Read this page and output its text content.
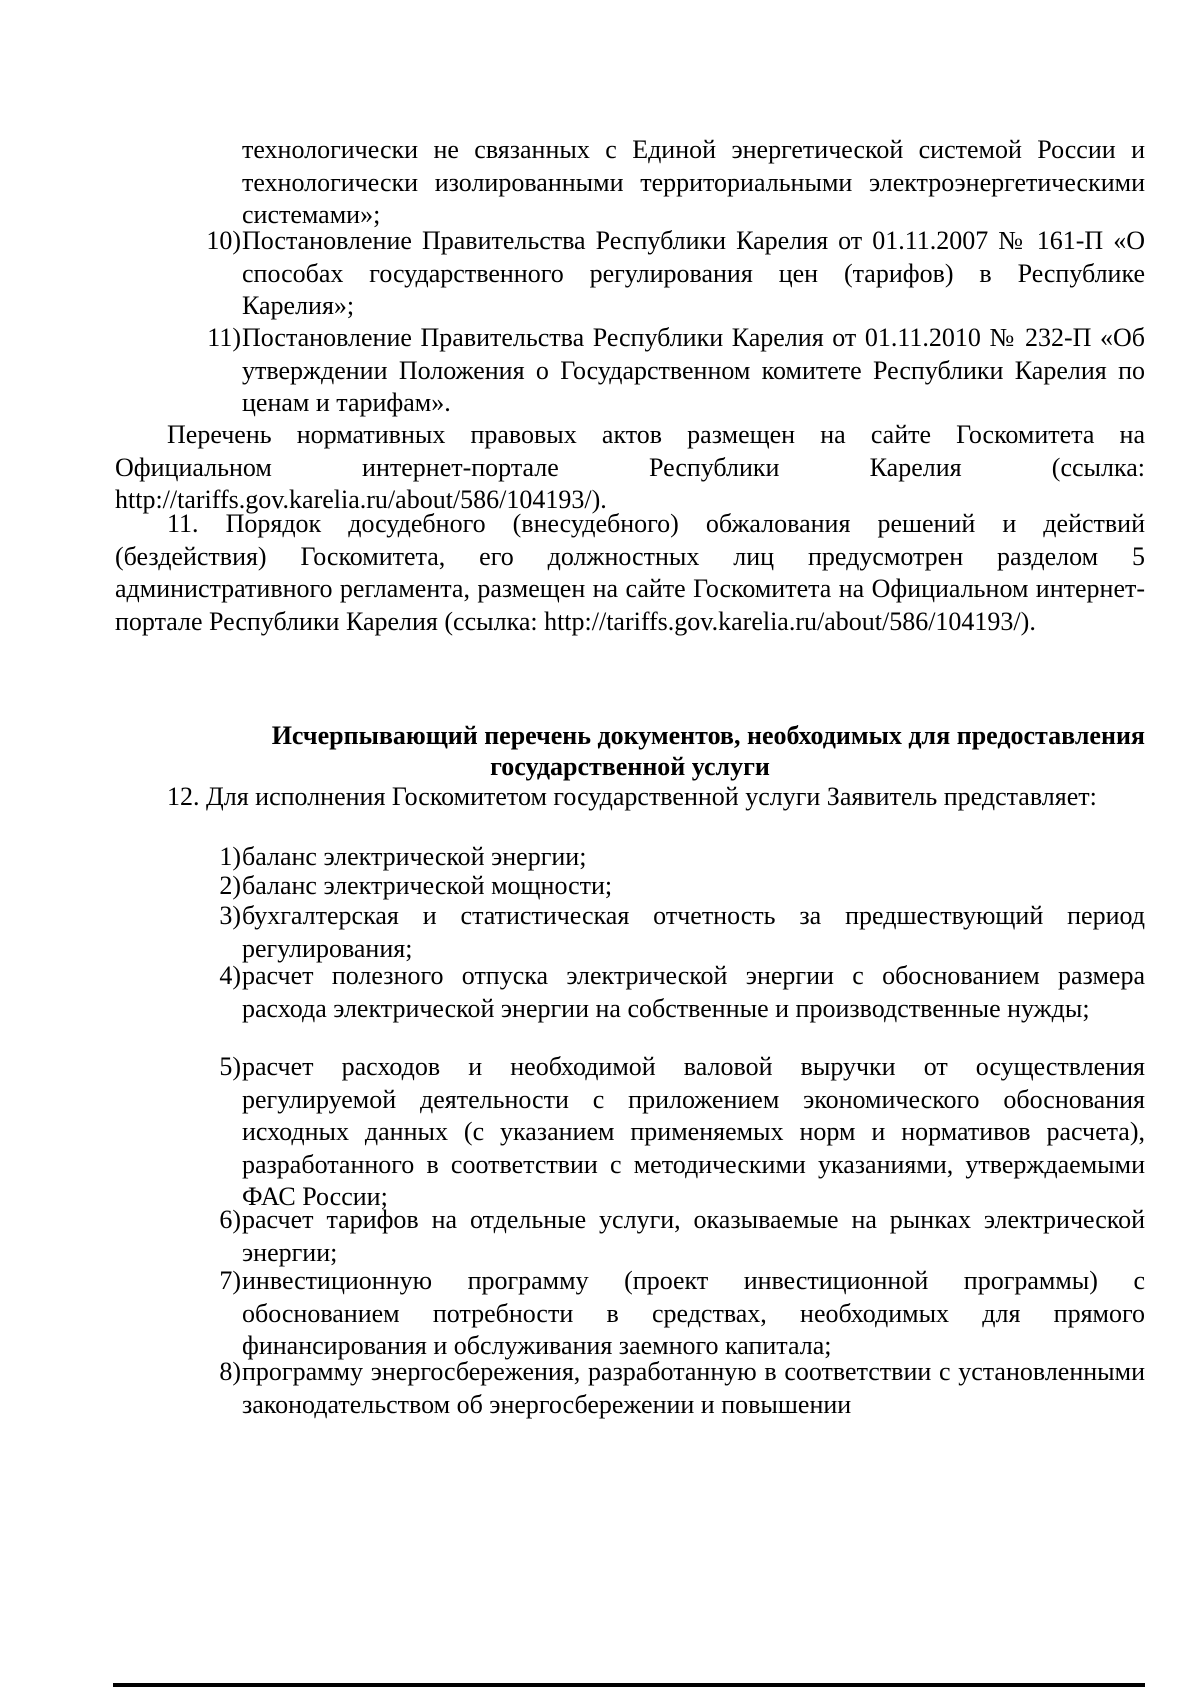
технологически не связанных с Единой энергетической системой России и технологически изолированными территориальными электроэнергетическими системами»;

10) Постановление Правительства Республики Карелия от 01.11.2007 № 161-П «О способах государственного регулирования цен (тарифов) в Республике Карелия»;
11) Постановление Правительства Республики Карелия от 01.11.2010 № 232-П «Об утверждении Положения о Государственном комитете Республики Карелия по ценам и тарифам».

Перечень нормативных правовых актов размещен на сайте Госкомитета на Официальном интернет-портале Республики Карелия (ссылка: http://tariffs.gov.karelia.ru/about/586/104193/).

11. Порядок досудебного (внесудебного) обжалования решений и действий (бездействия) Госкомитета, его должностных лиц предусмотрен разделом 5 административного регламента, размещен на сайте Госкомитета на Официальном интернет-портале Республики Карелия (ссылка: http://tariffs.gov.karelia.ru/about/586/104193/).

Исчерпывающий перечень документов, необходимых для предоставления
государственной услуги

12. Для исполнения Госкомитетом государственной услуги Заявитель представляет:

1) баланс электрической энергии;
2) баланс электрической мощности;
3) бухгалтерская и статистическая отчетность за предшествующий период регулирования;
4) расчет полезного отпуска электрической энергии с обоснованием размера расхода электрической энергии на собственные и производственные нужды;
5) расчет расходов и необходимой валовой выручки от осуществления регулируемой деятельности с приложением экономического обоснования исходных данных (с указанием применяемых норм и нормативов расчета), разработанного в соответствии с методическими указаниями, утверждаемыми ФАС России;
6) расчет тарифов на отдельные услуги, оказываемые на рынках электрической энергии;
7) инвестиционную программу (проект инвестиционной программы) с обоснованием потребности в средствах, необходимых для прямого финансирования и обслуживания заемного капитала;
8) программу энергосбережения, разработанную в соответствии с установленными законодательством об энергосбережении и повышении
